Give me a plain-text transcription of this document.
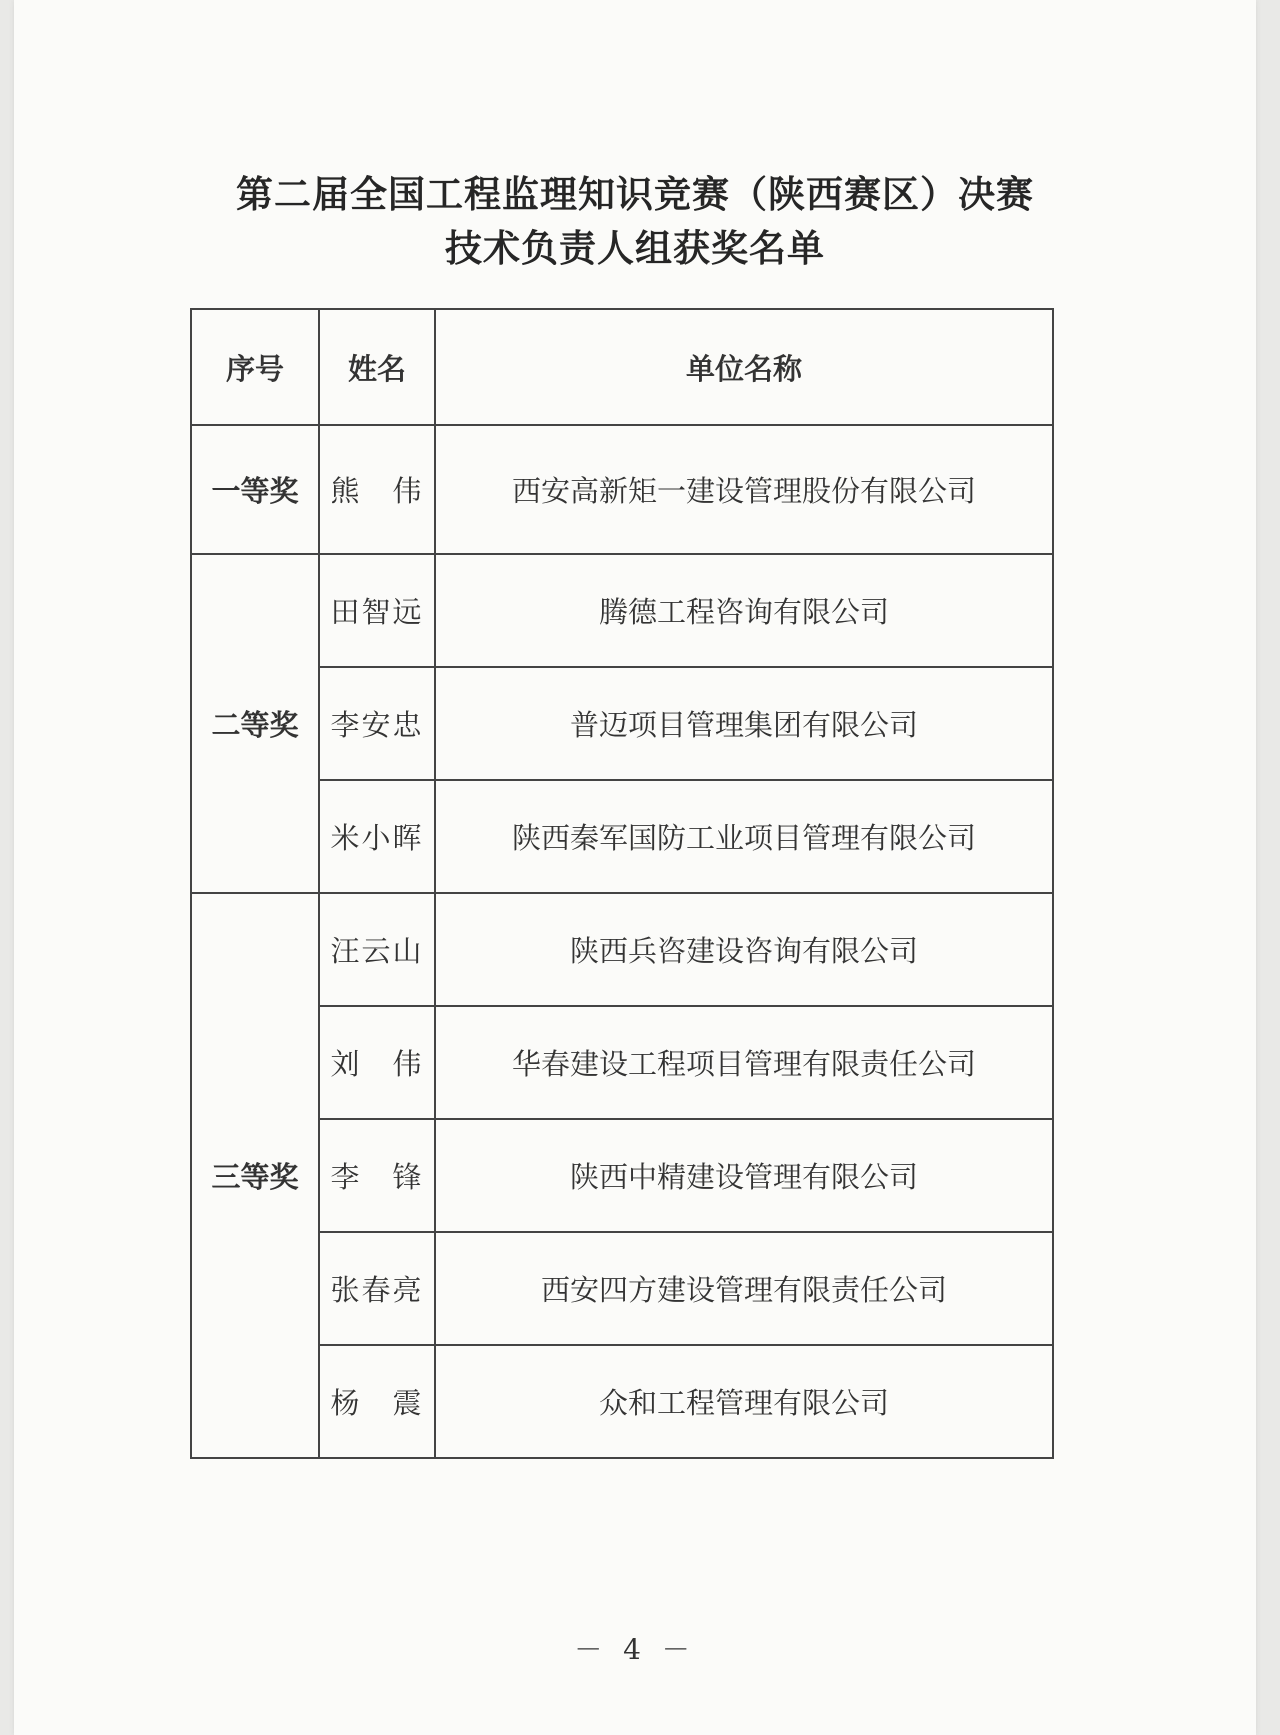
第二届全国工程监理知识竞赛（陕西赛区）决赛
技术负责人组获奖名单
序号	姓名	单位名称
一等奖	熊　伟	西安高新矩一建设管理股份有限公司
二等奖	田智远	腾德工程咨询有限公司
	李安忠	普迈项目管理集团有限公司
	米小晖	陕西秦军国防工业项目管理有限公司
三等奖	汪云山	陕西兵咨建设咨询有限公司
	刘　伟	华春建设工程项目管理有限责任公司
	李　锋	陕西中精建设管理有限公司
	张春亮	西安四方建设管理有限责任公司
	杨　震	众和工程管理有限公司
－ 4 －
